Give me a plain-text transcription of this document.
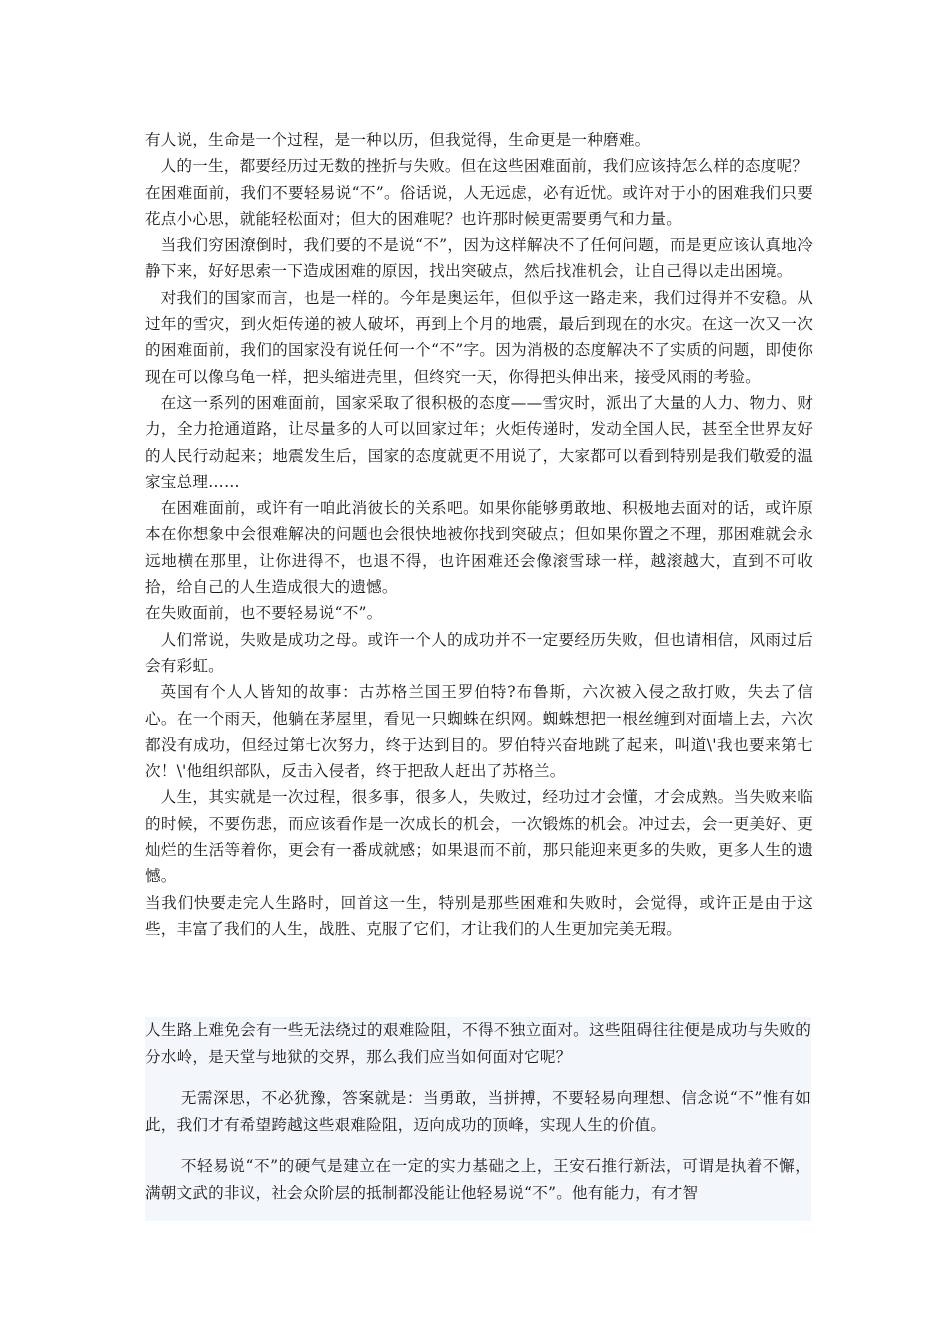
有人说，生命是一个过程，是一种以历，但我觉得，生命更是一种磨难。

人的一生，都要经历过无数的挫折与失败。但在这些困难面前，我们应该持怎么样的态度呢？

在困难面前，我们不要轻易说“不”。俗话说，人无远虑，必有近忧。或许对于小的困难我们只要花点小心思，就能轻松面对；但大的困难呢？也许那时候更需要勇气和力量。

当我们穷困潦倒时，我们要的不是说“不”，因为这样解决不了任何问题，而是更应该认真地冷静下来，好好思索一下造成困难的原因，找出突破点，然后找准机会，让自己得以走出困境。

对我们的国家而言，也是一样的。今年是奥运年，但似乎这一路走来，我们过得并不安稳。从过年的雪灾，到火炬传递的被人破坏，再到上个月的地震，最后到现在的水灾。在这一次又一次的困难面前，我们的国家没有说任何一个“不”字。因为消极的态度解决不了实质的问题，即使你现在可以像乌龟一样，把头缩进壳里，但终究一天，你得把头伸出来，接受风雨的考验。

在这一系列的困难面前，国家采取了很积极的态度——雪灾时，派出了大量的人力、物力、财力，全力抢通道路，让尽量多的人可以回家过年；火炬传递时，发动全国人民，甚至全世界友好的人民行动起来；地震发生后，国家的态度就更不用说了，大家都可以看到特别是我们敬爱的温家宝总理……

在困难面前，或许有一咱此消彼长的关系吧。如果你能够勇敢地、积极地去面对的话，或许原本在你想象中会很难解决的问题也会很快地被你找到突破点；但如果你置之不理，那困难就会永远地横在那里，让你进得不，也退不得，也许困难还会像滚雪球一样，越滚越大，直到不可收拾，给自己的人生造成很大的遗憾。

在失败面前，也不要轻易说“不”。

人们常说，失败是成功之母。或许一个人的成功并不一定要经历失败，但也请相信，风雨过后会有彩虹。

英国有个人人皆知的故事：古苏格兰国王罗伯特?布鲁斯，六次被入侵之敌打败，失去了信心。在一个雨天，他躺在茅屋里，看见一只蜘蛛在织网。蜘蛛想把一根丝缠到对面墙上去，六次都没有成功，但经过第七次努力，终于达到目的。罗伯特兴奋地跳了起来，叫道\'我也要来第七次！\'他组织部队，反击入侵者，终于把敌人赶出了苏格兰。

人生，其实就是一次过程，很多事，很多人，失败过，经功过才会懂，才会成熟。当失败来临的时候，不要伤悲，而应该看作是一次成长的机会，一次锻炼的机会。冲过去，会一更美好、更灿烂的生活等着你，更会有一番成就感；如果退而不前，那只能迎来更多的失败，更多人生的遗憾。

当我们快要走完人生路时，回首这一生，特别是那些困难和失败时，会觉得，或许正是由于这些，丰富了我们的人生，战胜、克服了它们，才让我们的人生更加完美无瑕。

人生路上难免会有一些无法绕过的艰难险阻，不得不独立面对。这些阻碍往往便是成功与失败的分水岭，是天堂与地狱的交界，那么我们应当如何面对它呢？

无需深思，不必犹豫，答案就是：当勇敢，当拼搏，不要轻易向理想、信念说“不”惟有如此，我们才有希望跨越这些艰难险阻，迈向成功的顶峰，实现人生的价值。

不轻易说“不”的硬气是建立在一定的实力基础之上，王安石推行新法，可谓是执着不懈，满朝文武的非议，社会众阶层的抵制都没能让他轻易说“不”。他有能力，有才智
